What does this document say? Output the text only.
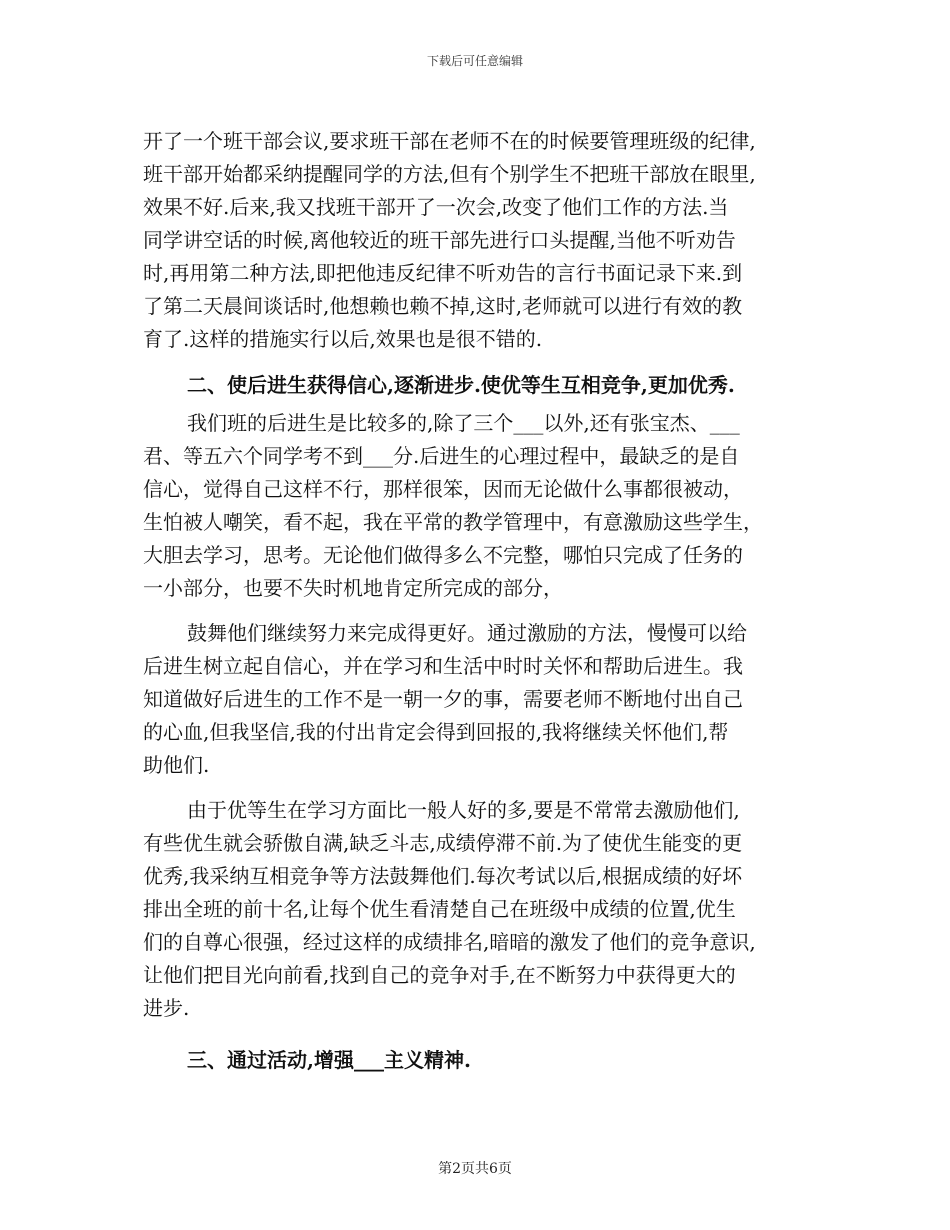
下载后可任意编辑
开了一个班干部会议,要求班干部在老师不在的时候要管理班级的纪律,
班干部开始都采纳提醒同学的方法,但有个别学生不把班干部放在眼里,
效果不好.后来,我又找班干部开了一次会,改变了他们工作的方法.当
同学讲空话的时候,离他较近的班干部先进行口头提醒,当他不听劝告
时,再用第二种方法,即把他违反纪律不听劝告的言行书面记录下来.到
了第二天晨间谈话时,他想赖也赖不掉,这时,老师就可以进行有效的教
育了.这样的措施实行以后,效果也是很不错的.
二、使后进生获得信心,逐渐进步.使优等生互相竞争,更加优秀.
我们班的后进生是比较多的,除了三个___以外,还有张宝杰、___
君、等五六个同学考不到___分.后进生的心理过程中，最缺乏的是自
信心，觉得自己这样不行，那样很笨，因而无论做什么事都很被动，
生怕被人嘲笑，看不起，我在平常的教学管理中，有意激励这些学生，
大胆去学习，思考。无论他们做得多么不完整，哪怕只完成了任务的
一小部分，也要不失时机地肯定所完成的部分，
鼓舞他们继续努力来完成得更好。通过激励的方法，慢慢可以给
后进生树立起自信心，并在学习和生活中时时关怀和帮助后进生。我
知道做好后进生的工作不是一朝一夕的事，需要老师不断地付出自己
的心血,但我坚信,我的付出肯定会得到回报的,我将继续关怀他们,帮
助他们.
由于优等生在学习方面比一般人好的多,要是不常常去激励他们,
有些优生就会骄傲自满,缺乏斗志,成绩停滞不前.为了使优生能变的更
优秀,我采纳互相竞争等方法鼓舞他们.每次考试以后,根据成绩的好坏
排出全班的前十名,让每个优生看清楚自己在班级中成绩的位置,优生
们的自尊心很强，经过这样的成绩排名,暗暗的激发了他们的竞争意识,
让他们把目光向前看,找到自己的竞争对手,在不断努力中获得更大的
进步.
三、通过活动,增强___主义精神.
第2页共6页
